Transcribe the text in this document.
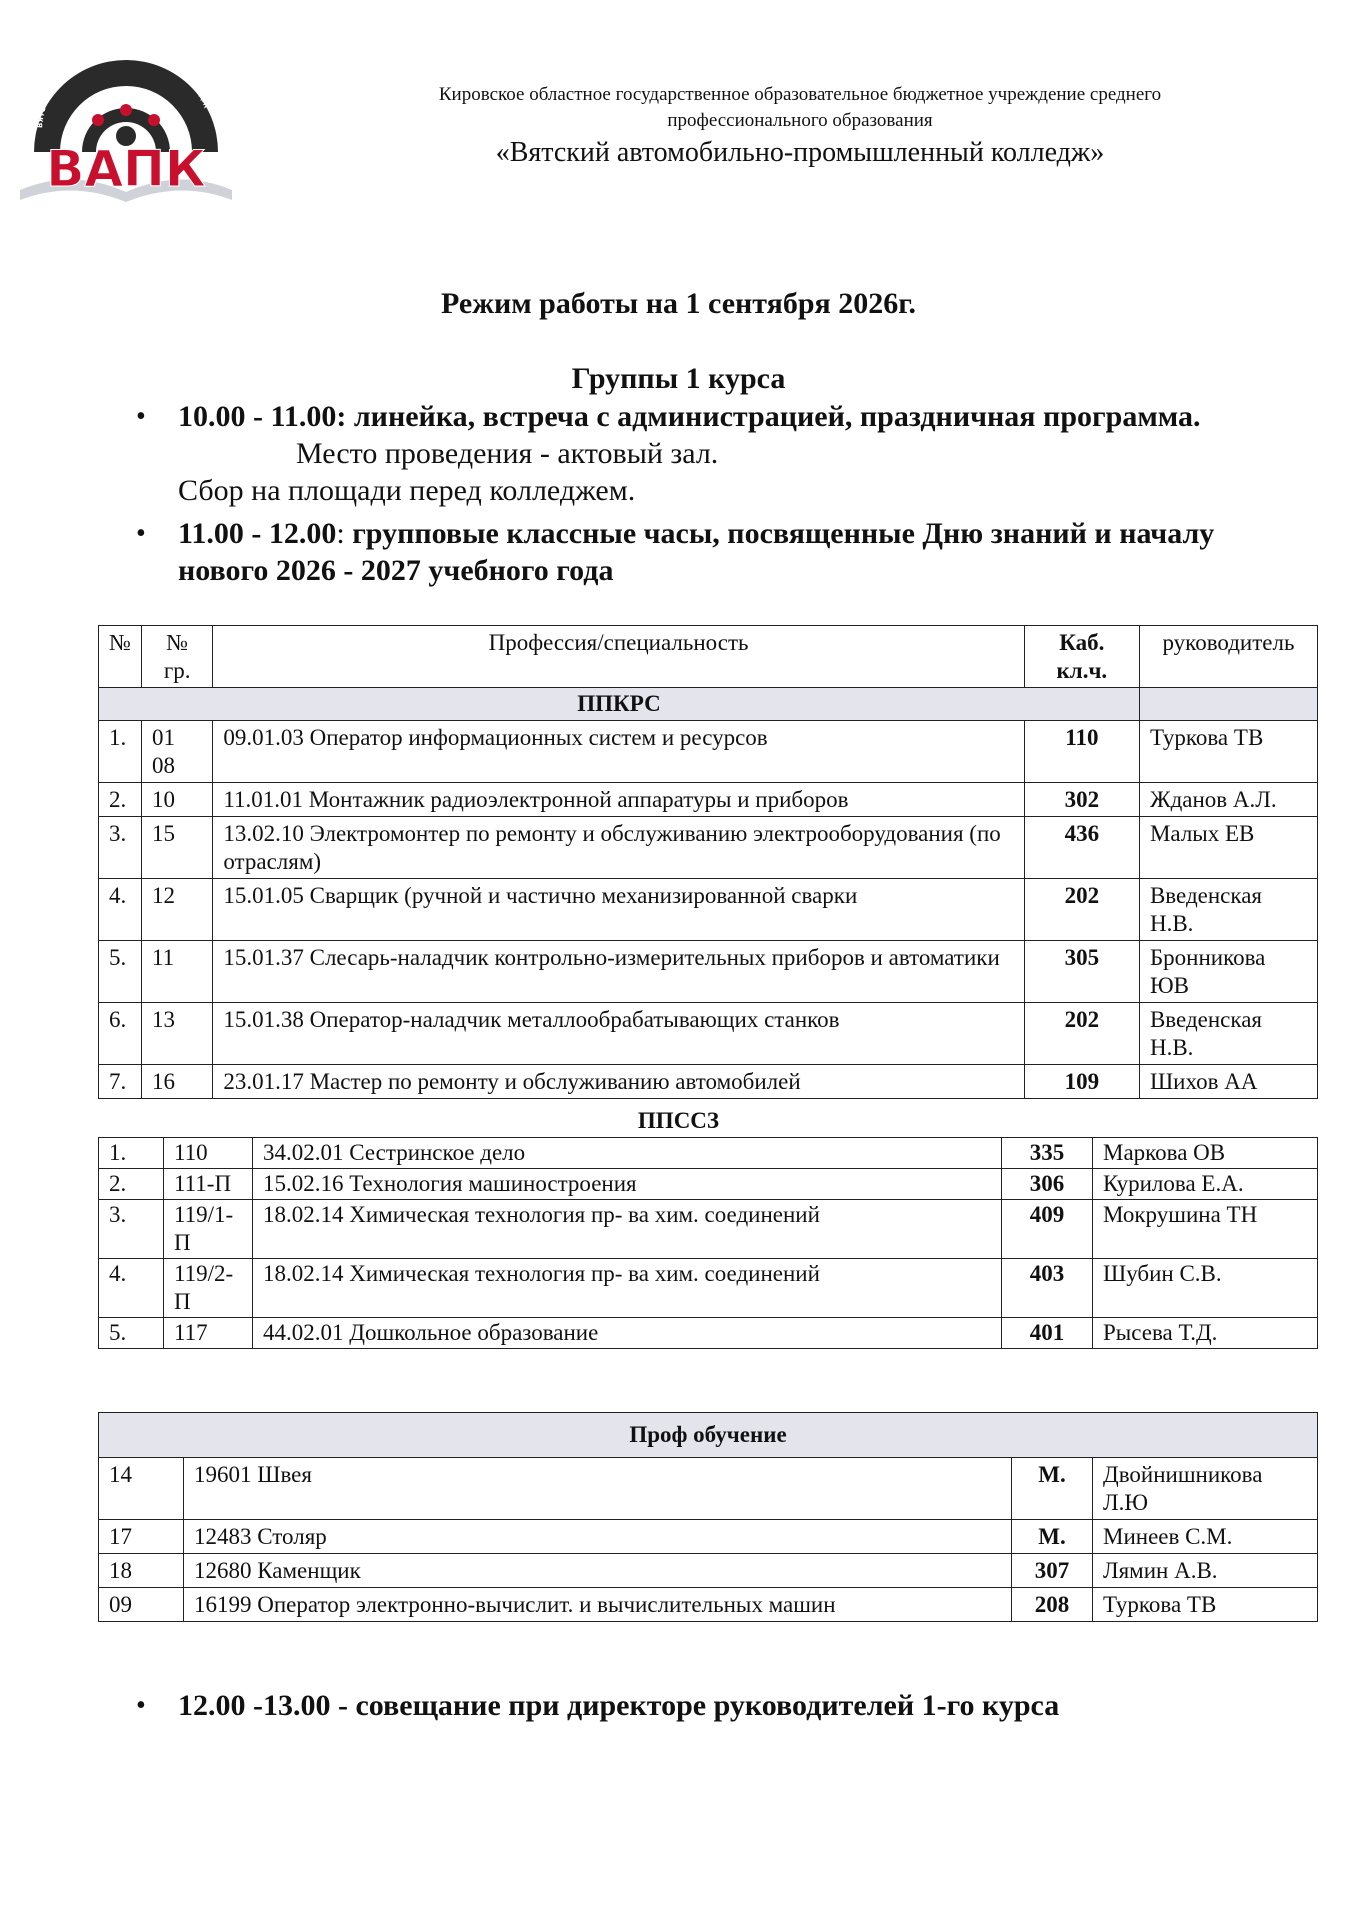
ВЯТСКИЙ АВТОМОБИЛЬНО-ПРОМЫШЛЕННЫЙ КОЛЛЕДЖ
ВАПК
Кировское областное государственное образовательное бюджетное учреждение среднего
профессионального образования
«Вятский автомобильно-промышленный колледж»
Режим работы на 1 сентября 2026г.
Группы 1 курса
• 10.00 - 11.00: линейка, встреча с администрацией, праздничная программа.Место проведения - актовый зал.
Сбор на площади перед колледжем.
• 11.00 - 12.00: групповые классные часы, посвященные Дню знаний и началу нового 2026 - 2027 учебного года
№	№ гр.	Профессия/специальность	Каб. кл.ч.	руководитель
ППКРС				
1.	01 08	09.01.03 Оператор информационных систем и ресурсов	110	Туркова ТВ
2.	10	11.01.01 Монтажник радиоэлектронной аппаратуры и приборов	302	Жданов А.Л.
3.	15	13.02.10 Электромонтер по ремонту и обслуживанию электрооборудования (по отраслям)	436	Малых ЕВ
4.	12	15.01.05 Сварщик (ручной и частично механизированной сварки	202	Введенская Н.В.
5.	11	15.01.37 Слесарь-наладчик контрольно-измерительных приборов и автоматики	305	Бронникова ЮВ
6.	13	15.01.38 Оператор-наладчик металлообрабатывающих станков	202	Введенская Н.В.
7.	16	23.01.17 Мастер по ремонту и обслуживанию автомобилей	109	Шихов АА
ППССЗ
1.	110	34.02.01 Сестринское дело	335	Маркова ОВ
2.	111-П	15.02.16 Технология машиностроения	306	Курилова Е.А.
3.	119/1-П	18.02.14 Химическая технология пр- ва хим. соединений	409	Мокрушина ТН
4.	119/2-П	18.02.14 Химическая технология пр- ва хим. соединений	403	Шубин С.В.
5.	117	44.02.01 Дошкольное образование	401	Рысева Т.Д.
Проф обучение			
14	19601 Швея	М.	Двойнишникова Л.Ю
17	12483 Столяр	М.	Минеев С.М.
18	12680 Каменщик	307	Лямин А.В.
09	16199 Оператор электронно-вычислит. и вычислительных машин	208	Туркова ТВ
• 12.00 -13.00 - совещание при директоре руководителей 1-го курса
